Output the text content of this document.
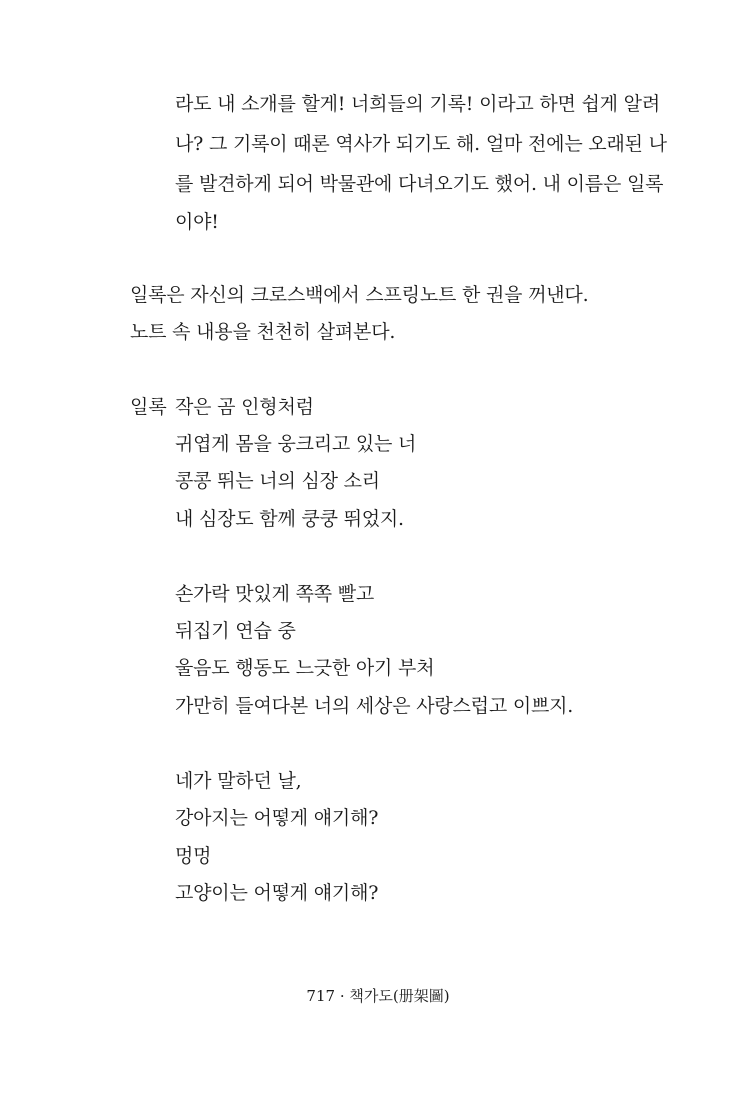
라도 내 소개를 할게! 너희들의 기록! 이라고 하면 쉽게 알려
나? 그 기록이 때론 역사가 되기도 해. 얼마 전에는 오래된 나
를 발견하게 되어 박물관에 다녀오기도 했어. 내 이름은 일록
이야!
일록은 자신의 크로스백에서 스프링노트 한 권을 꺼낸다.
노트 속 내용을 천천히 살펴본다.
일록 작은 곰 인형처럼
귀엽게 몸을 웅크리고 있는 너
콩콩 뛰는 너의 심장 소리
내 심장도 함께 쿵쿵 뛰었지.
손가락 맛있게 쪽쪽 빨고
뒤집기 연습 중
울음도 행동도 느긋한 아기 부처
가만히 들여다본 너의 세상은 사랑스럽고 이쁘지.
네가 말하던 날,
강아지는 어떻게 얘기해?
멍멍
고양이는 어떻게 얘기해?
717 · 책가도(册架圖)
